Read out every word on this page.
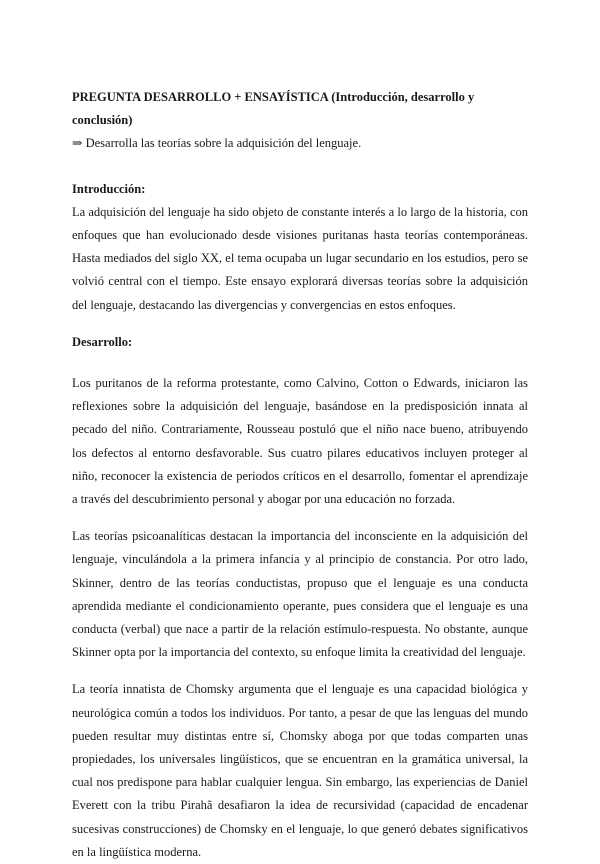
PREGUNTA DESARROLLO + ENSAYÍSTICA (Introducción, desarrollo y conclusión)

⇒ Desarrolla las teorías sobre la adquisición del lenguaje.

Introducción:

La adquisición del lenguaje ha sido objeto de constante interés a lo largo de la historia, con enfoques que han evolucionado desde visiones puritanas hasta teorías contemporáneas. Hasta mediados del siglo XX, el tema ocupaba un lugar secundario en los estudios, pero se volvió central con el tiempo. Este ensayo explorará diversas teorías sobre la adquisición del lenguaje, destacando las divergencias y convergencias en estos enfoques.

Desarrollo:

Los puritanos de la reforma protestante, como Calvino, Cotton o Edwards, iniciaron las reflexiones sobre la adquisición del lenguaje, basándose en la predisposición innata al pecado del niño. Contrariamente, Rousseau postuló que el niño nace bueno, atribuyendo los defectos al entorno desfavorable. Sus cuatro pilares educativos incluyen proteger al niño, reconocer la existencia de periodos críticos en el desarrollo, fomentar el aprendizaje a través del descubrimiento personal y abogar por una educación no forzada.

Las teorías psicoanalíticas destacan la importancia del inconsciente en la adquisición del lenguaje, vinculándola a la primera infancia y al principio de constancia. Por otro lado, Skinner, dentro de las teorías conductistas, propuso que el lenguaje es una conducta aprendida mediante el condicionamiento operante, pues considera que el lenguaje es una conducta (verbal) que nace a partir de la relación estímulo-respuesta. No obstante, aunque Skinner opta por la importancia del contexto, su enfoque limita la creatividad del lenguaje.

La teoría innatista de Chomsky argumenta que el lenguaje es una capacidad biológica y neurológica común a todos los individuos. Por tanto, a pesar de que las lenguas del mundo pueden resultar muy distintas entre sí, Chomsky aboga por que todas comparten unas propiedades, los universales lingüísticos, que se encuentran en la gramática universal, la cual nos predispone para hablar cualquier lengua. Sin embargo, las experiencias de Daniel Everett con la tribu Pirahã desafiaron la idea de recursividad (capacidad de encadenar sucesivas construcciones) de Chomsky en el lenguaje, lo que generó debates significativos en la lingüística moderna.
